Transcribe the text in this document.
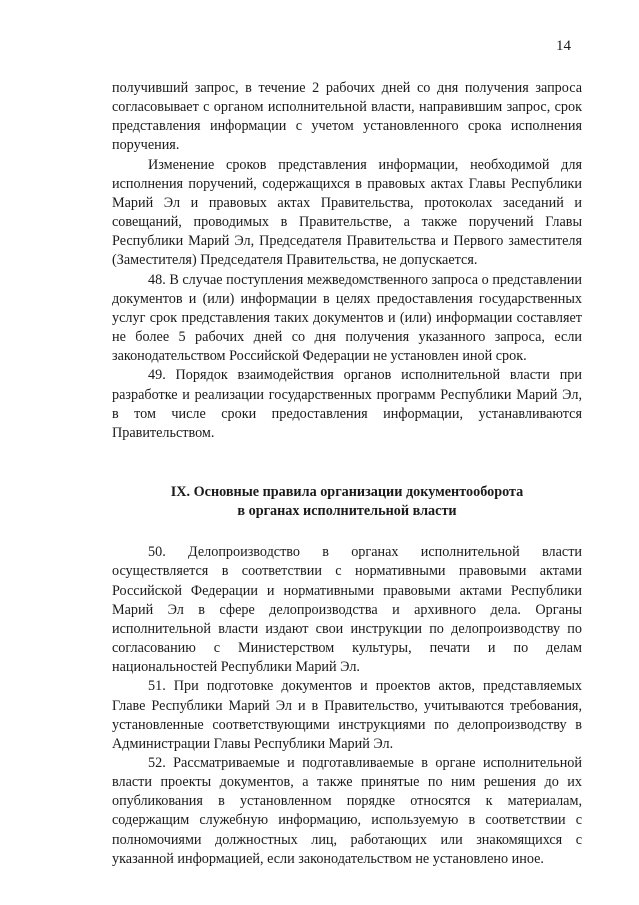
14

получивший запрос, в течение 2 рабочих дней со дня получения запроса согласовывает с органом исполнительной власти, направившим запрос, срок представления информации с учетом установленного срока исполнения поручения.

Изменение сроков представления информации, необходимой для исполнения поручений, содержащихся в правовых актах Главы Республики Марий Эл и правовых актах Правительства, протоколах заседаний и совещаний, проводимых в Правительстве, а также поручений Главы Республики Марий Эл, Председателя Правительства и Первого заместителя (Заместителя) Председателя Правительства, не допускается.

48. В случае поступления межведомственного запроса о представлении документов и (или) информации в целях предоставления государственных услуг срок представления таких документов и (или) информации составляет не более 5 рабочих дней со дня получения указанного запроса, если законодательством Российской Федерации не установлен иной срок.

49. Порядок взаимодействия органов исполнительной власти при разработке и реализации государственных программ Республики Марий Эл, в том числе сроки предоставления информации, устанавливаются Правительством.

IX. Основные правила организации документооборота
в органах исполнительной власти

50. Делопроизводство в органах исполнительной власти осуществляется в соответствии с нормативными правовыми актами Российской Федерации и нормативными правовыми актами Республики Марий Эл в сфере делопроизводства и архивного дела. Органы исполнительной власти издают свои инструкции по делопроизводству по согласованию с Министерством культуры, печати и по делам национальностей Республики Марий Эл.

51. При подготовке документов и проектов актов, представляемых Главе Республики Марий Эл и в Правительство, учитываются требования, установленные соответствующими инструкциями по делопроизводству в Администрации Главы Республики Марий Эл.

52. Рассматриваемые и подготавливаемые в органе исполнительной власти проекты документов, а также принятые по ним решения до их опубликования в установленном порядке относятся к материалам, содержащим служебную информацию, используемую в соответствии с полномочиями должностных лиц, работающих или знакомящихся с указанной информацией, если законодательством не установлено иное.
